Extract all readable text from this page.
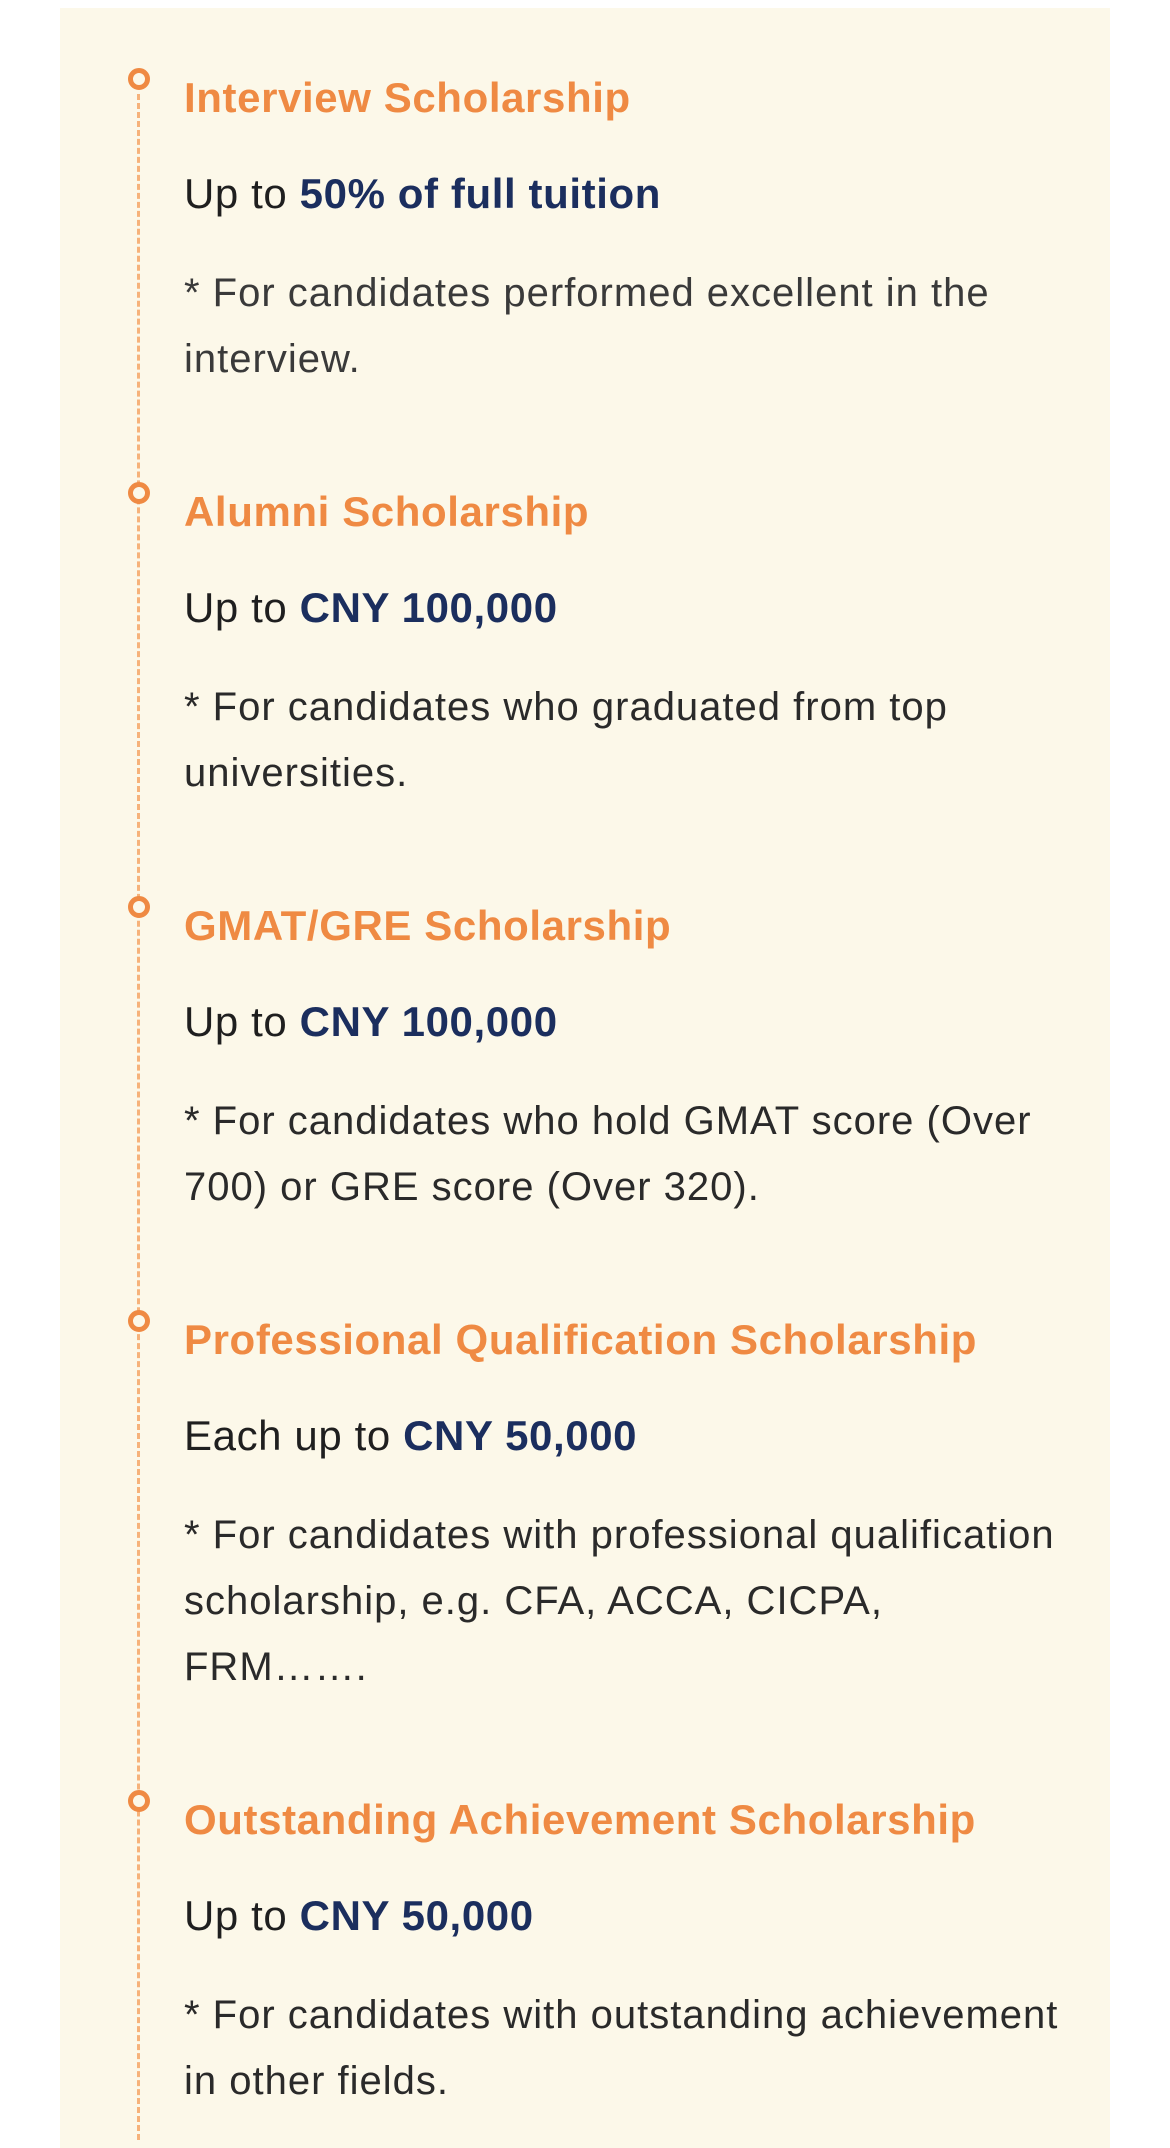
Interview Scholarship
Up to 50% of full tuition
* For candidates performed excellent in the interview.
Alumni Scholarship
Up to CNY 100,000
* For candidates who graduated from top universities.
GMAT/GRE Scholarship
Up to CNY 100,000
* For candidates who hold GMAT score (Over 700) or GRE score (Over 320).
Professional Qualification Scholarship
Each up to CNY 50,000
* For candidates with professional qualification scholarship, e.g. CFA, ACCA, CICPA, FRM…….
Outstanding Achievement Scholarship
Up to CNY 50,000
* For candidates with outstanding achievement in other fields.
